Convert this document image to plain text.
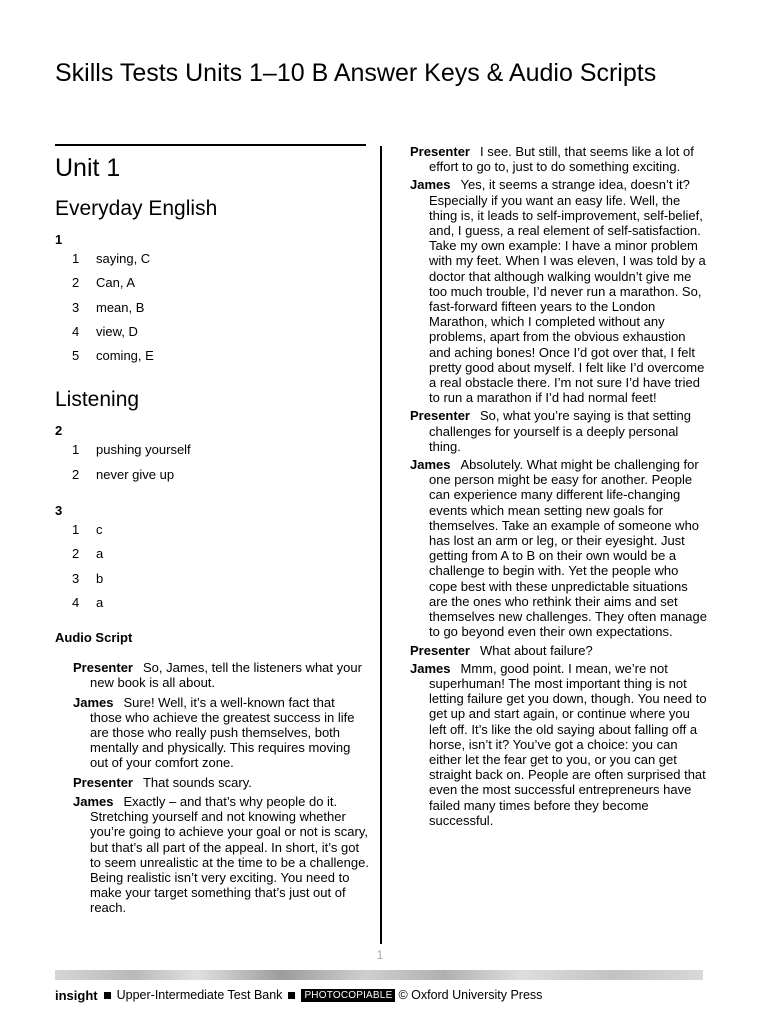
Skills Tests Units 1–10 B Answer Keys & Audio Scripts
Unit 1
Everyday English
1
1	saying, C
2	Can, A
3	mean, B
4	view, D
5	coming, E
Listening
2
1	pushing yourself
2	never give up
3
1	c
2	a
3	b
4	a
Audio Script

Presenter So, James, tell the listeners what your new book is all about.

James Sure! Well, it’s a well-known fact that those who achieve the greatest success in life are those who really push themselves, both mentally and physically. This requires moving out of your comfort zone.

Presenter That sounds scary.

James Exactly – and that’s why people do it. Stretching yourself and not knowing whether you’re going to achieve your goal or not is scary, but that’s all part of the appeal. In short, it’s got to seem unrealistic at the time to be a challenge. Being realistic isn’t very exciting. You need to make your target something that’s just out of reach.

Presenter I see. But still, that seems like a lot of effort to go to, just to do something exciting.

James Yes, it seems a strange idea, doesn’t it? Especially if you want an easy life. Well, the thing is, it leads to self-improvement, self-belief, and, I guess, a real element of self-satisfaction. Take my own example: I have a minor problem with my feet. When I was eleven, I was told by a doctor that although walking wouldn’t give me too much trouble, I’d never run a marathon. So, fast-forward fifteen years to the London Marathon, which I completed without any problems, apart from the obvious exhaustion and aching bones! Once I’d got over that, I felt pretty good about myself. I felt like I’d overcome a real obstacle there. I’m not sure I’d have tried to run a marathon if I’d had normal feet!

Presenter So, what you’re saying is that setting challenges for yourself is a deeply personal thing.

James Absolutely. What might be challenging for one person might be easy for another. People can experience many different life-changing events which mean setting new goals for themselves. Take an example of someone who has lost an arm or leg, or their eyesight. Just getting from A to B on their own would be a challenge to begin with. Yet the people who cope best with these unpredictable situations are the ones who rethink their aims and set themselves new challenges. They often manage to go beyond even their own expectations.

Presenter What about failure?

James Mmm, good point. I mean, we’re not superhuman! The most important thing is not letting failure get you down, though. You need to get up and start again, or continue where you left off. It’s like the old saying about falling off a horse, isn’t it? You’ve got a choice: you can either let the fear get to you, or you can get straight back on. People are often surprised that even the most successful entrepreneurs have failed many times before they become successful.

1
insight Upper-Intermediate Test Bank	PHOTOCOPIABLE © Oxford University Press
